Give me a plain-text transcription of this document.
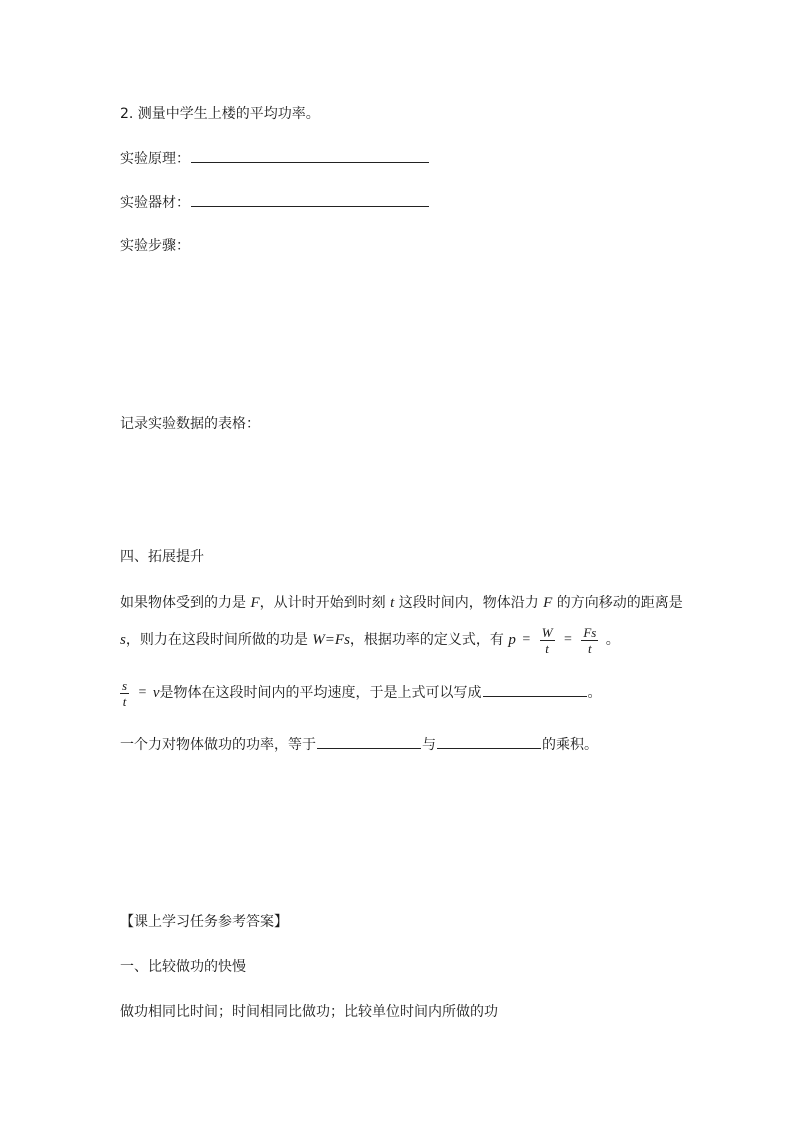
2. 测量中学生上楼的平均功率。
实验原理：
实验器材：
实验步骤：
记录实验数据的表格：
四、拓展提升
如果物体受到的力是 F，从计时开始到时刻 t 这段时间内，物体沿力 F 的方向移动的距离是
s，则力在这段时间所做的功是 W=Fs，根据功率的定义式，有 $p = \frac{W}{t} = \frac{Fs}{t}$ 。
$\frac{s}{t} = v$是物体在这段时间内的平均速度，于是上式可以写成	。
一个力对物体做功的功率，等于	与	的乘积。
【课上学习任务参考答案】
一、比较做功的快慢
做功相同比时间；时间相同比做功；比较单位时间内所做的功
